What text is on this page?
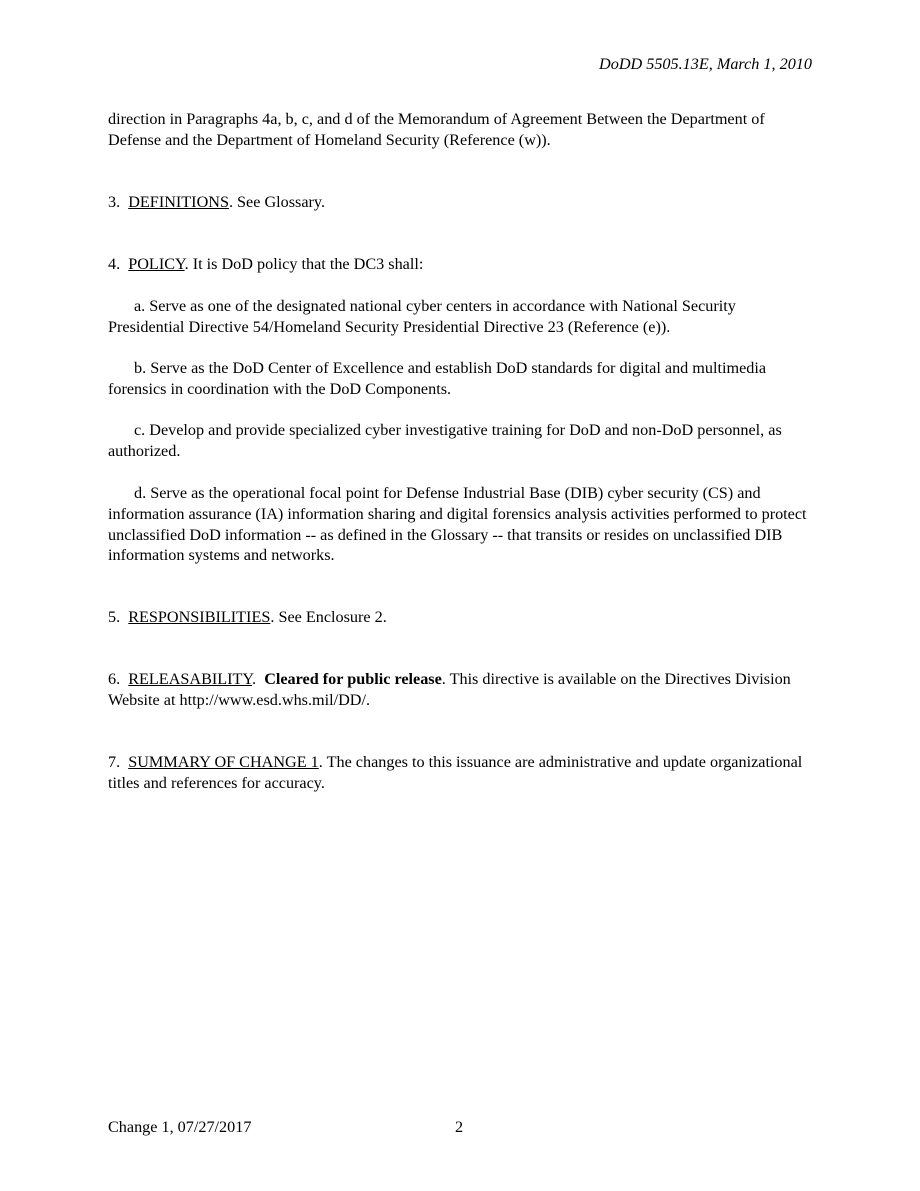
DoDD 5505.13E, March 1, 2010

direction in Paragraphs 4a, b, c, and d of the Memorandum of Agreement Between the Department of Defense and the Department of Homeland Security (Reference (w)).

3. DEFINITIONS. See Glossary.

4. POLICY. It is DoD policy that the DC3 shall:

a. Serve as one of the designated national cyber centers in accordance with National Security Presidential Directive 54/Homeland Security Presidential Directive 23 (Reference (e)).

b. Serve as the DoD Center of Excellence and establish DoD standards for digital and multimedia forensics in coordination with the DoD Components.

c. Develop and provide specialized cyber investigative training for DoD and non-DoD personnel, as authorized.

d. Serve as the operational focal point for Defense Industrial Base (DIB) cyber security (CS) and information assurance (IA) information sharing and digital forensics analysis activities performed to protect unclassified DoD information -- as defined in the Glossary -- that transits or resides on unclassified DIB information systems and networks.

5. RESPONSIBILITIES. See Enclosure 2.

6. RELEASABILITY.  Cleared for public release. This directive is available on the Directives Division Website at http://www.esd.whs.mil/DD/.

7. SUMMARY OF CHANGE 1. The changes to this issuance are administrative and update organizational titles and references for accuracy.

Change 1, 07/27/2017	2
